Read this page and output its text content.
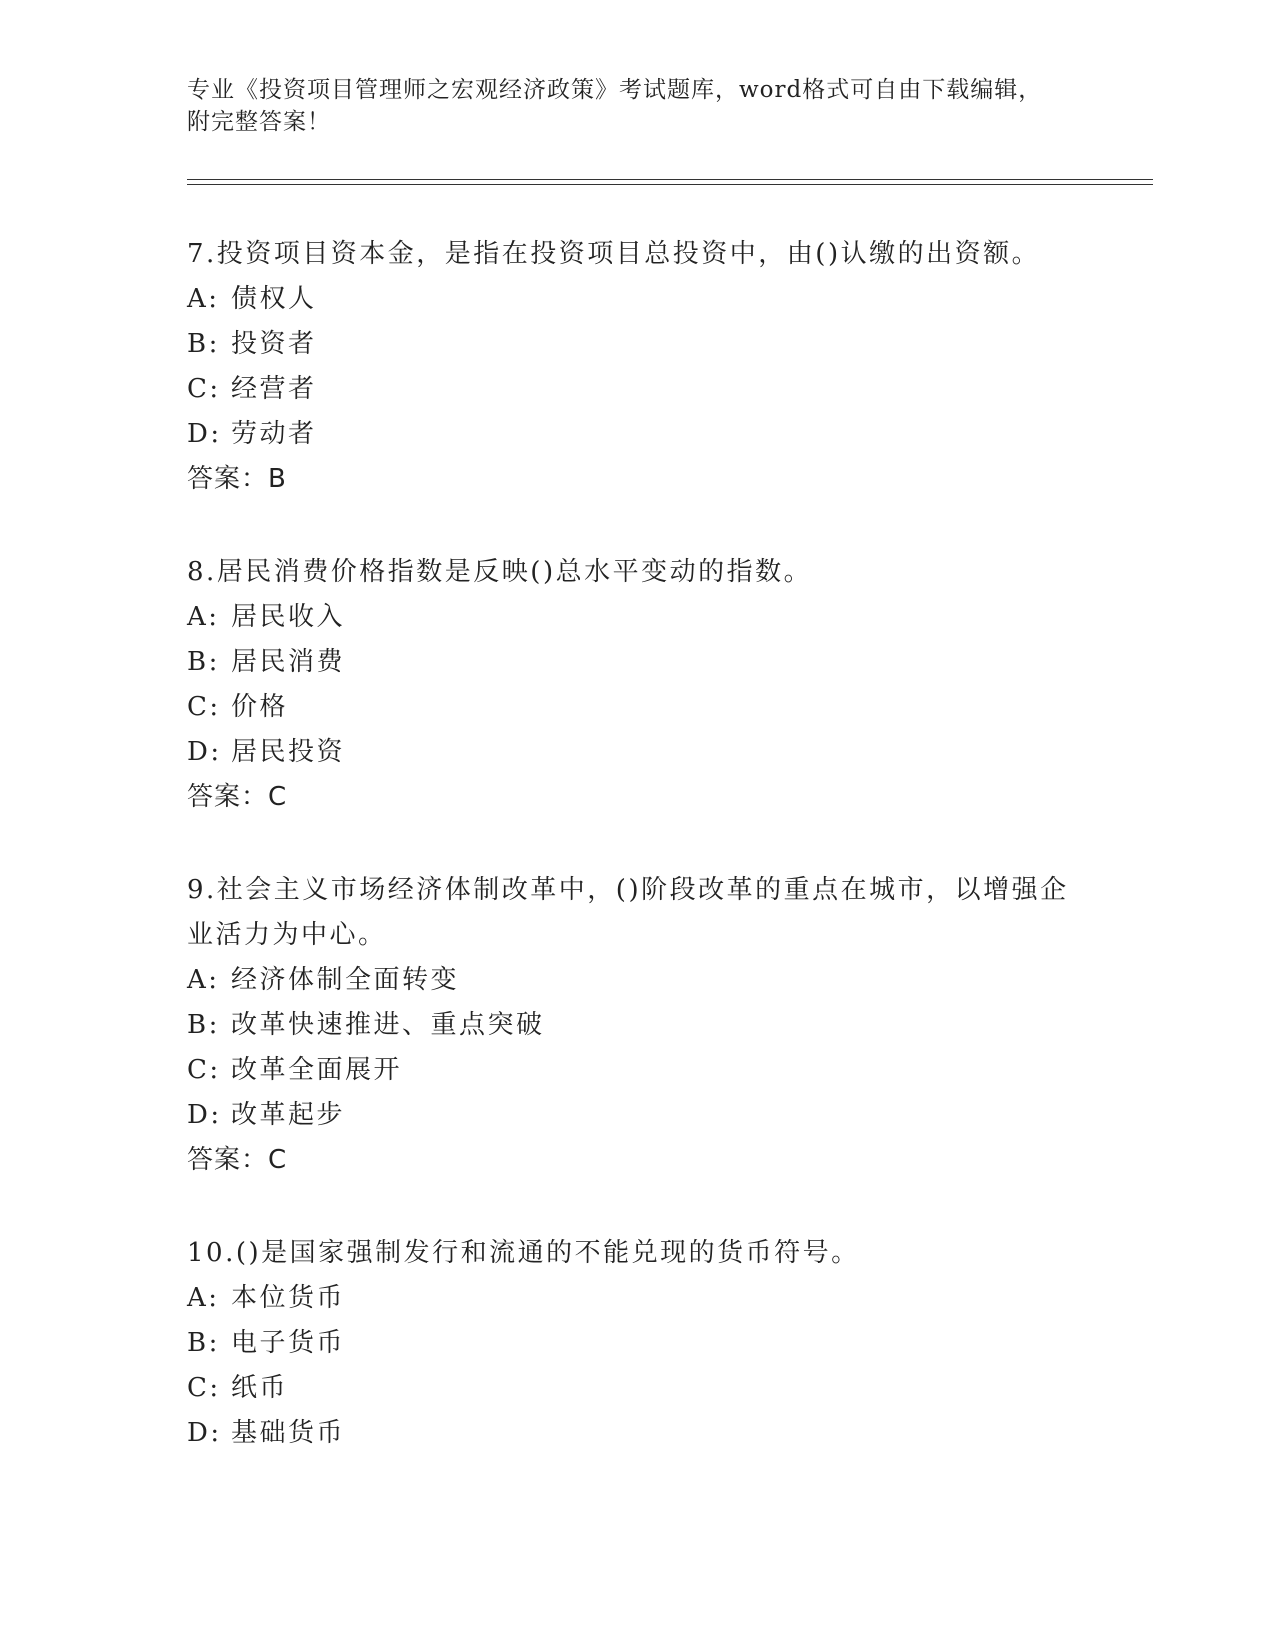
专业《投资项目管理师之宏观经济政策》考试题库，word格式可自由下载编辑，
附完整答案！
7.投资项目资本金，是指在投资项目总投资中，由()认缴的出资额。
A: 债权人
B: 投资者
C: 经营者
D: 劳动者
答案：B
8.居民消费价格指数是反映()总水平变动的指数。
A: 居民收入
B: 居民消费
C: 价格
D: 居民投资
答案：C
9.社会主义市场经济体制改革中，()阶段改革的重点在城市，以增强企业活力为中心。
A: 经济体制全面转变
B: 改革快速推进、重点突破
C: 改革全面展开
D: 改革起步
答案：C
10.()是国家强制发行和流通的不能兑现的货币符号。
A: 本位货币
B: 电子货币
C: 纸币
D: 基础货币
